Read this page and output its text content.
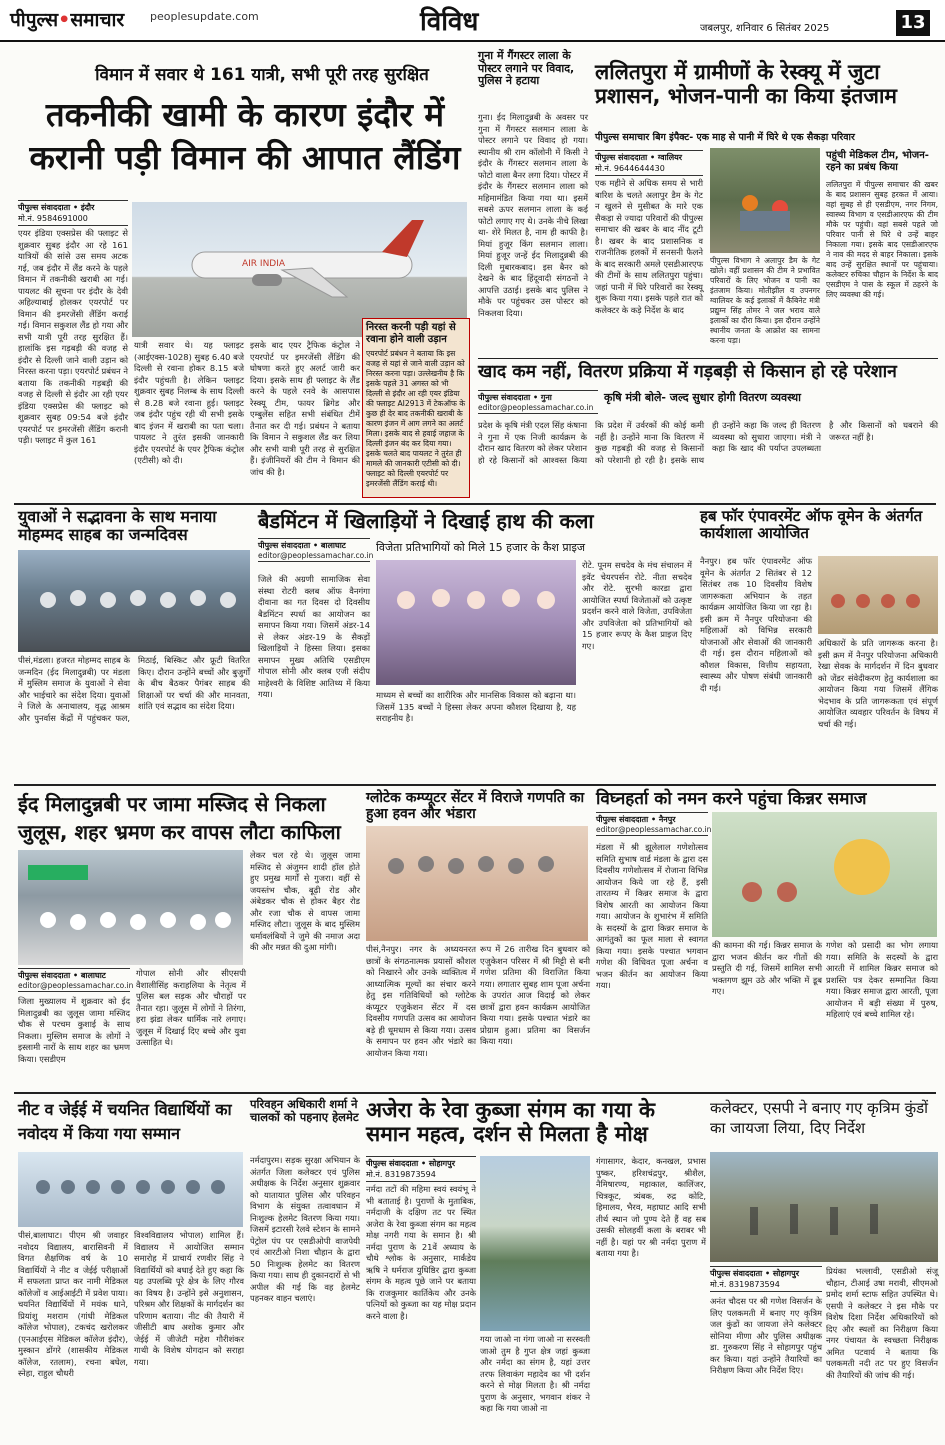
पीपुल्स•समाचार peoplesupdate.com	विविध	जबलपुर, शनिवार 6 सितंबर 2025	13
विमान में सवार थे 161 यात्री, सभी पूरी तरह सुरक्षित
तकनीकी खामी के कारण इंदौर में करानी पड़ी विमान की आपात लैंडिंग
पीपुल्स संवाददाता • इंदौर
मो.नं. 9584691000
AIR INDIA
एयर इंडिया एक्सप्रेस की फ्लाइट से शुक्रवार सुबह इंदौर आ रहे 161 यात्रियों की सांसे उस समय अटक गई, जब इंदौर में लैंड करने के पहले विमान में तकनीकी खराबी आ गई। पायलट की सूचना पर इंदौर के देवी अहिल्याबाई होलकर एयरपोर्ट पर विमान की इमरजेंसी लैंडिंग कराई गई। विमान सकुशल लैंड हो गया और सभी यात्री पूरी तरह सुरक्षित हैं। हालांकि इस गड़बड़ी की वजह से इंदौर से दिल्ली जाने वाली उड़ान को निरस्त करना पड़ा। एयरपोर्ट प्रबंधन ने बताया कि तकनीकी गड़बड़ी की वजह से दिल्ली से इंदौर आ रही एयर इंडिया एक्सप्रेस की फ्लाइट को शुक्रवार सुबह 09:54 बजे इंदौर एयरपोर्ट पर इमरजेंसी लैंडिंग करानी पड़ी। फ्लाइट में कुल 161
यात्री सवार थे। यह फ्लाइट (आईएक्स-1028) सुबह 6.40 बजे दिल्ली से रवाना होकर 8.15 बजे इंदौर पहुंचती है। लेकिन फ्लाइट शुक्रवार सुबह निलम्ब के साथ दिल्ली से 8.28 बजे रवाना हुई। फ्लाइट जब इंदौर पहुंच रही थी सभी इसके बाद इंजन में खराबी का पता चला। पायलट ने तुरंत इसकी जानकारी इंदौर एयरपोर्ट के एयर ट्रैफिक कंट्रोल (एटीसी) को दी।
इसके बाद एयर ट्रैफिक कंट्रोल ने एयरपोर्ट पर इमरजेंसी लैंडिंग की घोषणा करते हुए अलर्ट जारी कर दिया। इसके साथ ही फ्लाइट के लैंड करने के पहले रनवे के आसपास रेस्क्यू टीम, फायर ब्रिगेड और एम्बुलेंस सहित सभी संबंधित टीमें तैनात कर दी गई। प्रबंधन ने बताया कि विमान ने सकुशल लैंड कर लिया और सभी यात्री पूरी तरह से सुरक्षित हैं। इंजीनियरों की टीम ने विमान की जांच की है।
निरस्त करनी पड़ी यहां से रवाना होने वाली उड़ान
एयरपोर्ट प्रबंधन ने बताया कि इस वजह से यहां से जाने वाली उड़ान को निरस्त करना पड़ा। उल्लेखनीय है कि इसके पहले 31 अगस्त को भी दिल्ली से इंदौर आ रही एयर इंडिया की फ्लाइट AI2913 में टेकऑफ के कुछ ही देर बाद तकनीकी खराबी के कारण इंजन में आग लगने का अलर्ट मिला। इसके बाद से हवाई जहाज के दिल्ली इंजन बंद कर दिया गया। इसके चलते बाद पायलट ने तुरंत ही मामले की जानकारी एटीसी को दी। फ्लाइट को दिल्ली एयरपोर्ट पर इमरजेंसी लैंडिंग कराई थी।
गुना में गैंगस्टर लाला के पोस्टर लगाने पर विवाद, पुलिस ने हटाया
गुना। ईद मिलादुन्नबी के अवसर पर गुना में गैंगस्टर सलमान लाला के पोस्टर लगाने पर विवाद हो गया। स्थानीय श्री राम कॉलोनी में किसी ने इंदौर के गैंगस्टर सलमान लाला के फोटो वाला बैनर लगा दिया। पोस्टर में इंदौर के गैंगस्टर सलमान लाला को महिमामंडित किया गया था। इसमें सबसे ऊपर सलमान लाला के कई फोटो लगाए गए थे। उनके नीचे लिखा था- शेरे मिलत है, नाम ही काफी है। मियां हुजूर किंग सलमान लाला। मियां हुजूर जन्हें ईद मिलादुन्नबी की दिली मुबारकबाद। इस बैनर को देखने के बाद हिंदूवादी संगठनों ने आपत्ति उठाई। इसके बाद पुलिस ने मौके पर पहुंचकर उस पोस्टर को निकलवा दिया।
ललितपुरा में ग्रामीणों के रेस्क्यू में जुटा प्रशासन, भोजन-पानी का किया इंतजाम
पीपुल्स समाचार बिग इंपैक्ट- एक माह से पानी में घिरे थे एक सैकड़ा परिवार
पीपुल्स संवाददाता • ग्वालियर
मो.नं. 9644644430
एक महीने से अधिक समय से भारी बारिश के चलते अलापुर डैम के गेट न खुलने से मुसीबत के मारे एक सैकड़ा से ज्यादा परिवारों की पीपुल्स समाचार की खबर के बाद नींद टूटी है। खबर के बाद प्रशासनिक व राजनीतिक हलकों में सनसनी फैलने के बाद सरकारी अमले एसडीआरएफ की टीमों के साथ ललितपुरा पहुंचा। जहां पानी में घिरे परिवारों का रेस्क्यू शुरू किया गया। इसके पहले रात को कलेक्टर के कड़े निर्देश के बाद
पीपुल्स विभाग ने अलापुर डैम के गेट खोले। वहीं प्रशासन की टीम ने प्रभावित परिवारों के लिए भोजन व पानी का इंतजाम किया। मोतीझील व उपनगर ग्वालियर के कई इलाकों में कैबिनेट मंत्री प्रद्युम्न सिंह तोमर ने जल भराव वाले इलाकों का दौरा किया। इस दौरान उन्होंने स्थानीय जनता के आक्रोश का सामना करना पड़ा।
पहुंची मेडिकल टीम, भोजन-रहने का प्रबंध किया
ललितपुरा में पीपुल्स समाचार की खबर के बाद प्रशासन सुबह हरकत में आया। वहां सुबह से ही एसडीएम, नगर निगम, स्वास्थ्य विभाग व एसडीआरएफ की टीम मौके पर पहुंची। वहां सबसे पहले जो परिवार पानी से घिरे थे उन्हें बाहर निकाला गया। इसके बाद एसडीआरएफ ने नाव की मदद से बाहर निकाला। इसके बाद उन्हें सुरक्षित स्थानों पर पहुंचाया। कलेक्टर रुचिका चौहान के निर्देश के बाद एसडीएम ने पास के स्कूल में ठहरने के लिए व्यवस्था की गई।
खाद कम नहीं, वितरण प्रक्रिया में गड़बड़ी से किसान हो रहे परेशान
पीपुल्स संवाददाता • गुना
editor@peoplessamachar.co.in
कृषि मंत्री बोले- जल्द सुधार होगी वितरण व्यवस्था
प्रदेश के कृषि मंत्री एदल सिंह कंषाना ने गुना में एक निजी कार्यक्रम के दौरान खाद वितरण को लेकर परेशान हो रहे किसानों को आश्वस्त किया कि प्रदेश में उर्वरकों की कोई कमी नहीं है। उन्होंने माना कि वितरण में कुछ गड़बड़ी की वजह से किसानों को परेशानी हो रही है। इसके साथ ही उन्होंने कहा कि जल्द ही वितरण व्यवस्था को सुधारा जाएगा। मंत्री ने कहा कि खाद की पर्याप्त उपलब्धता है और किसानों को घबराने की जरूरत नहीं है।
युवाओं ने सद्भावना के साथ मनाया मोहम्मद साहब का जन्मदिवस
पीसं,मंडला। हजरत मोहम्मद साहब के जन्मदिन (ईद मिलादुन्नबी) पर मंडला में मुस्लिम समाज के युवाओं ने सेवा और भाईचारे का संदेश दिया। युवाओं ने जिले के अनाथालय, वृद्ध आश्रम और पुनर्वास केंद्रों में पहुंचकर फल, मिठाई, बिस्किट और फ्रूटी वितरित किए। दौरान उन्होंने बच्चों और बुजुर्गों के बीच बैठकर पैगंबर साहब की शिक्षाओं पर चर्चा की और मानवता, शांति एवं सद्भाव का संदेश दिया।
बैडमिंटन में खिलाड़ियों ने दिखाई हाथ की कला
पीपुल्स संवाददाता • बालाघाट
editor@peoplessamachar.co.in
विजेता प्रतिभागियों को मिले 15 हजार के कैश प्राइज
जिले की अग्रणी सामाजिक सेवा संस्था रोटरी क्लब ऑफ वैनगंगा दीवाना का गत दिवस दो दिवसीय बैडमिंटन स्पर्धा का आयोजन का समापन किया गया। जिसमें अंडर-14 से लेकर अंडर-19 के सैकड़ों खिलाड़ियों ने हिस्सा लिया। इसका समापन मुख्य अतिथि एसडीएम गोपाल सोनी और क्लब एजी संदीप माहेश्वरी के विशिष्ट आतिथ्य में किया गया।	माध्यम से बच्चों का शारीरिक और मानसिक विकास को बढ़ाना था। जिसमें 135 बच्चों ने हिस्सा लेकर अपना कौशल दिखाया है, यह सराहनीय है।
रोटे. पूनम सचदेव के मंच संचालन में इवेंट चेयरपर्सन रोटे. नीता सचदेव और रोटे. सुरभी कारडा द्वारा आयोजित स्पर्धा विजेताओं को उत्कृष्ट प्रदर्शन करने वाले विजेता, उपविजेता और उपविजेता को प्रतिभागियों को 15 हजार रूपए के कैश प्राइज दिए गए।
हब फॉर एंपावरमेंट ऑफ वूमेन के अंतर्गत कार्यशाला आयोजित
नैनपुर। हब फॉर एंपावरमेंट ऑफ वूमेन के अंतर्गत 2 सितंबर से 12 सितंबर तक 10 दिवसीय विशेष जागरूकता अभियान के तहत कार्यक्रम आयोजित किया जा रहा है। इसी क्रम में नैनपुर परियोजना की महिलाओं को विभिन्न सरकारी योजनाओं और सेवाओं की जानकारी दी गई। इस दौरान महिलाओं को कौशल विकास, वित्तीय सहायता, स्वास्थ्य और पोषण संबंधी जानकारी दी गई।
अधिकारों के प्रति जागरूक करना है। इसी क्रम में नैनपुर परियोजना अधिकारी रेखा सेवक के मार्गदर्शन में दिन बुधवार को जेंडर संवेदीकरण हेतु कार्यशाला का आयोजन किया गया जिसमें लैंगिक भेदभाव के प्रति जागरूकता एवं संपूर्ण आयोजित व्यवहार परिवर्तन के विषय में चर्चा की गई।
ईद मिलादुन्नबी पर जामा मस्जिद से निकला जुलूस, शहर भ्रमण कर वापस लौटा काफिला
पीपुल्स संवाददाता • बालाघाट
editor@peoplessamachar.co.in
जिला मुख्यालय में शुक्रवार को ईद मिलादुन्नबी का जुलूस जामा मस्जिद चौक से परचम कुशाई के साथ निकला। मुस्लिम समाज के लोगों ने इस्लामी नारों के साथ शहर का भ्रमण किया। एसडीएम
गोपाल सोनी और सीएसपी वैशालीसिंह कराहलिया के नेतृत्व में पुलिस बल सड़क और चौराहों पर तैनात रहा। जुलूस में लोगों ने तिरंगा, हरा झंडा लेकर धार्मिक नारे लगाए। जुलूस में दिखाई दिए बच्चे और युवा उत्साहित थे।
लेकर चल रहे थे। जुलूस जामा मस्जिद से अंजुमन शादी हॉल होते हुए प्रमुख मार्गों से गुजरा। वहीं से जयस्तंभ चौक, बूढ़ी रोड और अंबेडकर चौक से होकर बैहर रोड और रजा चौक से वापस जामा मस्जिद लौटा। जुलूस के बाद मुस्लिम धर्मावलंबियों ने जुमे की नमाज अदा की और मन्नत की दुआ मांगी।
ग्लोटेक कम्प्यूटर सेंटर में विराजे गणपति का हुआ हवन और भंडारा
पीसं,नैनपुर। नगर के अध्ययनरत छात्रों के संगठनात्मक प्रयासों कौशल को निखारने और उनके व्यक्तित्व में आध्यात्मिक मूल्यों का संचार करने हेतु इस गतिविधियों को ग्लोटेक कंप्यूटर एजुकेशन सेंटर में दस दिवसीय गणपति उत्सव का आयोजन बड़े ही धूमधाम से किया गया। उत्सव के समापन पर हवन और भंडारे का आयोजन किया गया।
रूप में 26 तारीख दिन बुधवार को एजुकेशन परिसर में श्री मिट्टी से बनी गणेश प्रतिमा की विराजित किया गया। लगातार सुबह शाम पूजा अर्चना के उपरांत आज विदाई को लेकर छात्रों द्वारा हवन कार्यक्रम आयोजित किया गया। इसके पश्चात भंडारे का प्रोग्राम हुआ। प्रतिमा का विसर्जन किया गया।
विघ्नहर्ता को नमन करने पहुंचा किन्नर समाज
पीपुल्स संवाददाता • नैनपुर
editor@peoplessamachar.co.in
मंडला में श्री झूलेलाल गणेशोत्सव समिति सुभाष वार्ड मंडला के द्वारा दस दिवसीय गणेशोत्सव में रोजाना विभिन्न आयोजन किये जा रहे हैं, इसी तारतम्य में किन्नर समाज के द्वारा विशेष आरती का आयोजन किया गया। आयोजन के शुभारंभ में समिति के सदस्यों के द्वारा किन्नर समाज के आगंतुकों का फूल माला से स्वागत किया गया। इसके पश्चात भगवान गणेश की विधिवत पूजा अर्चना व भजन कीर्तन का आयोजन किया गया।
की कामना की गई। किन्नर समाज के द्वारा भजन कीर्तन कर गीतों की प्रस्तुति दी गई, जिसमें शामिल सभी भक्तगण झूम उठे और भक्ति में डूब गए।
गणेश को प्रसादी का भोग लगाया गया। समिति के सदस्यों के द्वारा आरती में शामिल किन्नर समाज को प्रशस्ति पत्र देकर सम्मानित किया गया। किन्नर समाज द्वारा आरती, पूजा आयोजन में बड़ी संख्या में पुरुष, महिलाएं एवं बच्चे शामिल रहे।
नीट व जेईई में चयनित विद्यार्थियों का नवोदय में किया गया सम्मान
पीसं,बालाघाट। पीएम श्री जवाहर नवोदय विद्यालय, बारासिवनी में विगत शैक्षणिक वर्ष के 10 विद्यार्थियों ने नीट व जेईई परीक्षाओं में सफलता प्राप्त कर नामी मेडिकल कॉलेजों व आईआईटी में प्रवेश पाया। चयनित विद्यार्थियों में मयंक धाने, प्रियांशु मशराम (गांधी मेडिकल कॉलेज भोपाल), टकचंद खरोलकर (एनआईएस मेडिकल कॉलेज इंदौर), मुस्कान डोंगरे (शासकीय मेडिकल कॉलेज, रतलाम), रचना बघेल, स्नेहा, राहुल चौधरी
विश्वविद्यालय भोपाल) शामिल हैं। विद्यालय में आयोजित सम्मान समारोह में प्राचार्य रणवीर सिंह ने विद्यार्थियों को बधाई देते हुए कहा कि यह उपलब्धि पूरे क्षेत्र के लिए गौरव का विषय है। उन्होंने इसे अनुशासन, परिश्रम और शिक्षकों के मार्गदर्शन का परिणाम बताया। नीट की तैयारी में जीसीटी बाघ अशोक कुमार और जेईई में जीजेटी महेश गौरीशंकर गाथी के विशेष योगदान को सराहा गया।
परिवहन अधिकारी शर्मा ने चालकों को पहनाए हेलमेट
नर्मदापुरम। सड़क सुरक्षा अभियान के अंतर्गत जिला कलेक्टर एवं पुलिस अधीक्षक के निर्देश अनुसार शुक्रवार को यातायात पुलिस और परिवहन विभाग के संयुक्त तत्वावधान में निःशुल्क हेलमेट वितरण किया गया। जिसमें इटारसी रेलवे स्टेशन के सामने पेट्रोल पंप पर एसडीओपी वाजपेयी एवं आरटीओ निशा चौहान के द्वारा 50 निःशुल्क हेलमेट का वितरण किया गया। साथ ही दुकानदारों से भी अपील की गई कि वह हेलमेट पहनकर वाहन चलाएं।
अजेरा के रेवा कुब्जा संगम का गया के समान महत्व, दर्शन से मिलता है मोक्ष
पीपुल्स संवाददाता • सोहागपुर
मो.नं. 8319873594
नर्मदा तटों की महिमा स्वयं स्वयंभू ने भी बताताई है। पुराणों के मुताबिक, नर्मदाजी के दक्षिण तट पर स्थित अजेरा के रेवा कुब्जा संगम का महत्व मोक्ष नगरी गया के समान है। श्री नर्मदा पुराण के 21वें अध्याय के चौथे श्लोक के अनुसार, मार्कंडेय ऋषि ने धर्मराज युधिष्ठिर द्वारा कुब्जा संगम के महत्व पूछे जाने पर बताया कि राजकुमार कार्तिकेय और उनके पत्नियों को कुब्जा का यह मोक्ष प्रदान करने वाला है।
गया जाओ ना गंगा जाओ ना सरस्वती जाओ तुम है गुप्त क्षेत्र जहां कुब्जा और नर्मदा का संगम है, यहां उत्तर तरफ लिवाकंग महादेव का भी दर्शन करने से मोक्ष मिलता है। श्री नर्मदा पुराण के अनुसार, भगवान शंकर ने कहा कि गया जाओ ना
गंगासागर, केदार, कनखल, प्रभास पुष्कर, हरिशचंद्रपुर, श्रीशैल, नैमिषारण्य, महाकाल, कालिंजर, चित्रकूट, त्र्यंबक, रुद्र कोटि, हिमालय, भैरव, महाघाट आदि सभी तीर्थ स्थान जो पुण्य देते हैं वह सब उसकी सोलहवीं कला के बराबर भी नहीं है। यहां पर श्री नर्मदा पुराण में बताया गया है।
कलेक्टर, एसपी ने बनाए गए कृत्रिम कुंडों का जायजा लिया, दिए निर्देश
पीपुल्स संवाददाता • सोहागपुर
मो.नं. 8319873594
अनंत चौदस पर श्री गणेश विसर्जन के लिए पलकमती में बनाए गए कृत्रिम जल कुंडों का जायजा लेने कलेक्टर सोनिया मीणा और पुलिस अधीक्षक डा. गुरुकरण सिंह ने सोहागपुर पहुंच कर किया। यहां उन्होंने तैयारियों का निरीक्षण किया और निर्देश दिए।
प्रियंका भल्लावी, एसडीओ संजू चौहान, टीआई उषा मरावी, सीएमओ प्रमोद शर्मा स्टाफ सहित उपस्थित थे। एसपी ने कलेक्टर ने इस मौके पर विशेष दिशा निर्देश अधिकारियों को दिए और स्थलों का निरीक्षण किया नगर पंचायत के स्वच्छता निरीक्षक अमित पटवार्य ने बताया कि पलकमती नदी तट पर हुए विसर्जन की तैयारियों की जांच की गई।
